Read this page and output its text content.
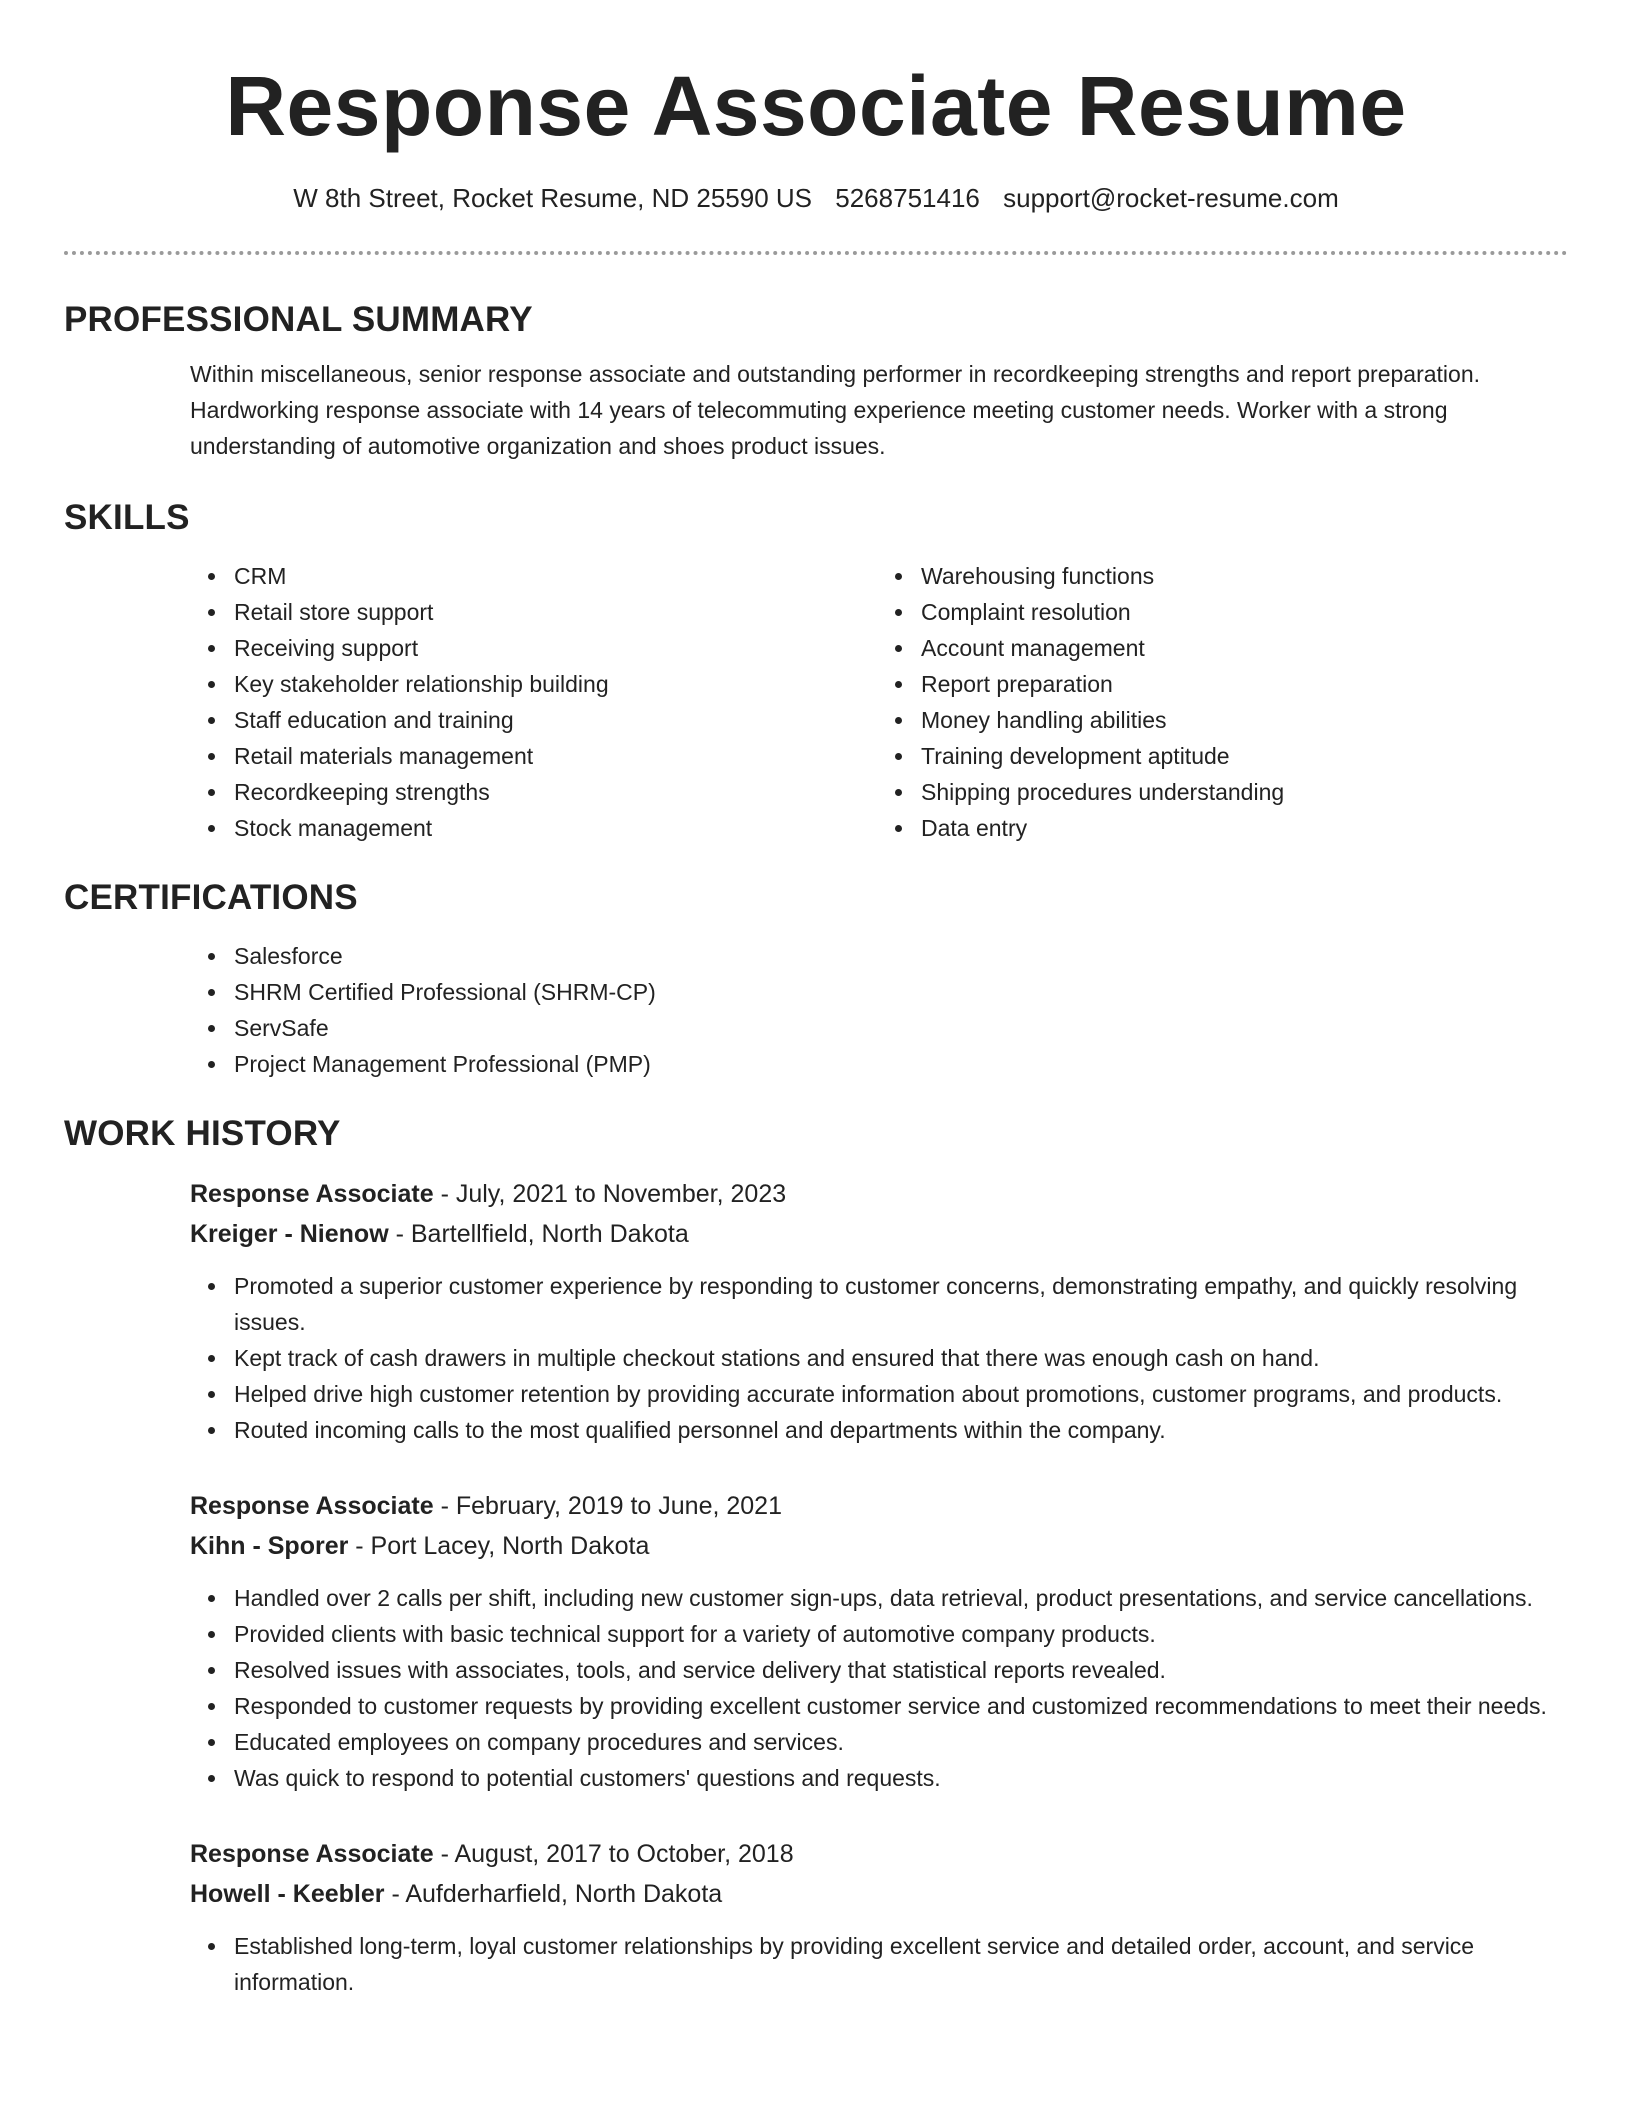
Response Associate Resume
W 8th Street, Rocket Resume, ND 25590 US 5268751416 support@rocket-resume.com
PROFESSIONAL SUMMARY

Within miscellaneous, senior response associate and outstanding performer in recordkeeping strengths and report preparation. Hardworking response associate with 14 years of telecommuting experience meeting customer needs. Worker with a strong understanding of automotive organization and shoes product issues.

SKILLS
CRM
Retail store support
Receiving support
Key stakeholder relationship building
Staff education and training
Retail materials management
Recordkeeping strengths
Stock management
Warehousing functions
Complaint resolution
Account management
Report preparation
Money handling abilities
Training development aptitude
Shipping procedures understanding
Data entry
CERTIFICATIONS
Salesforce
SHRM Certified Professional (SHRM-CP)
ServSafe
Project Management Professional (PMP)
WORK HISTORY
Response Associate - July, 2021 to November, 2023
Kreiger - Nienow - Bartellfield, North Dakota
Promoted a superior customer experience by responding to customer concerns, demonstrating empathy, and quickly resolving issues.
Kept track of cash drawers in multiple checkout stations and ensured that there was enough cash on hand.
Helped drive high customer retention by providing accurate information about promotions, customer programs, and products.
Routed incoming calls to the most qualified personnel and departments within the company.
Response Associate - February, 2019 to June, 2021
Kihn - Sporer - Port Lacey, North Dakota
Handled over 2 calls per shift, including new customer sign-ups, data retrieval, product presentations, and service cancellations.
Provided clients with basic technical support for a variety of automotive company products.
Resolved issues with associates, tools, and service delivery that statistical reports revealed.
Responded to customer requests by providing excellent customer service and customized recommendations to meet their needs.
Educated employees on company procedures and services.
Was quick to respond to potential customers' questions and requests.
Response Associate - August, 2017 to October, 2018
Howell - Keebler - Aufderharfield, North Dakota
Established long-term, loyal customer relationships by providing excellent service and detailed order, account, and service information.
